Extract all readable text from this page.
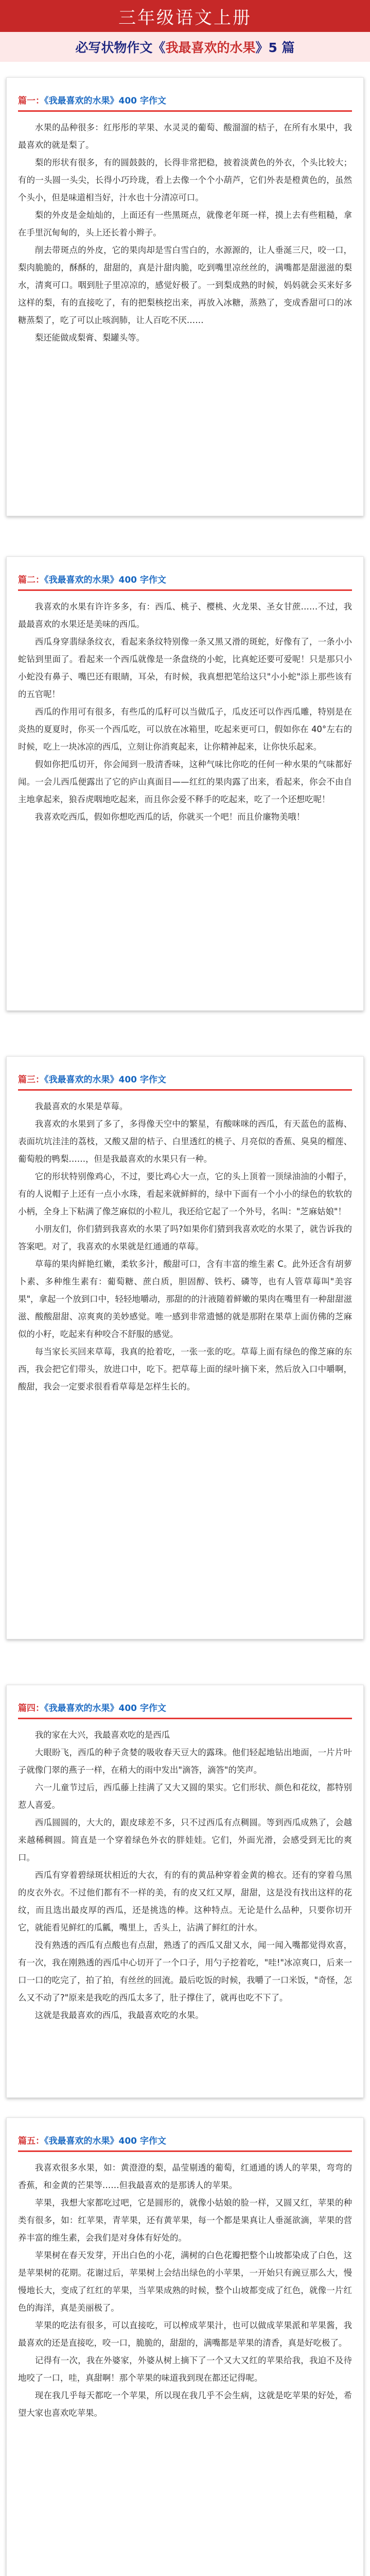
三年级语文上册
必写状物作文《 我最喜欢的水果 》5 篇
篇一：《我最喜欢的水果》400 字作文

水果的品种很多：红彤彤的苹果、水灵灵的葡萄、酸溜溜的桔子，在所有水果中，我最喜欢的就是梨了。

梨的形状有很多，有的圆鼓鼓的，长得非常把稳，披着淡黄色的外衣，个头比较大；有的一头圆一头尖，长得小巧玲珑，看上去像一个个小葫芦，它们外表是橙黄色的，虽然个头小，但是味道相当好，汁水也十分清凉可口。

梨的外皮是金灿灿的，上面还有一些黑斑点，就像老年斑一样，摸上去有些粗糙，拿在手里沉甸甸的，头上还长着小辫子。

削去带斑点的外皮，它的果肉却是雪白雪白的，水源源的，让人垂涎三尺，咬一口，梨肉脆脆的，酥酥的，甜甜的，真是汁甜肉脆，吃到嘴里凉丝丝的，满嘴都是甜滋滋的梨水，清爽可口。咽到肚子里凉凉的，感觉好极了。一到梨成熟的时候，妈妈就会买来好多这样的梨，有的直接吃了，有的把梨核挖出来，再放入冰糖，蒸熟了，变成香甜可口的冰糖蒸梨了，吃了可以止咳润肺，让人百吃不厌……

梨还能做成梨膏、梨罐头等。

篇二：《我最喜欢的水果》400 字作文

我喜欢的水果有许许多多，有：西瓜、桃子、樱桃、火龙果、圣女甘蔗……不过，我最最喜欢的水果还是美味的西瓜。

西瓜身穿翡绿条纹衣，看起来条纹特别像一条又黑又滑的斑蛇，好像有了，一条小小蛇钻到里面了。看起来一个西瓜就像是一条盘绕的小蛇，比真蛇还要可爱呢！只是那只小小蛇没有鼻子、嘴巴还有眼睛，耳朵，有时候，我真想把笔给这只"小小蛇"添上那些该有的五官呢！

西瓜的作用可有很多，有些瓜的瓜籽可以当做瓜子，瓜皮还可以作西瓜雕，特别是在炎热的夏夏时，你买一个西瓜吃，可以放在冰箱里，吃起来更可口，假如你在 40°左右的时候，吃上一块冰凉的西瓜，立刻让你消爽起来，让你精神起来，让你快乐起来。

假如你把瓜切开，你会闻到一股清香味，这种气味比你吃的任何一种水果的气味都好闻。一会儿西瓜便露出了它的庐山真面目——红红的果肉露了出来，看起来，你会不由自主地拿起来，狼吞虎咽地吃起来，而且你会爱不释手的吃起来，吃了一个还想吃呢！

我喜欢吃西瓜，假如你想吃西瓜的话，你就买一个吧！而且价廉物美哦！

篇三：《我最喜欢的水果》400 字作文

我最喜欢的水果是草莓。

我喜欢的水果到了多了，多得像天空中的繁星，有酸咪咪的西瓜，有天蓝色的蓝梅、表面坑坑洼洼的荔枝，又酸又甜的桔子、白里透红的桃子、月亮似的香蕉、臭臭的榴莲、葡萄般的鸭梨……，但是我最喜欢的水果只有一种。

它的形状特别像鸡心，不过，要比鸡心大一点，它的头上顶着一顶绿油油的小帽子，有的人说帽子上还有一点小水珠，看起来就鲜鲜的，绿中下面有一个小小的绿色的软软的小柄，全身上下粘满了像芝麻似的小粒儿，我还给它起了一个外号，名叫："芝麻姑娘"！

小朋友们，你们猜到我喜欢的水果了吗?如果你们猜到我喜欢吃的水果了，就告诉我的答案吧。对了，我喜欢的水果就是红通通的草莓。

草莓的果肉鲜艳红嫩，柔软多汁，酸甜可口，含有丰富的维生素 C。此外还含有胡萝卜素、多种维生素有：葡萄糖、蔗白质，胆固醇、铁朽、磷等，也有人管草莓叫"美容果"，拿起一个放到口中，轻轻地嚼动，那甜的的汁液随着鲜嫩的果肉在嘴里有一种甜甜滋滋、酸酸甜甜、凉爽爽的美妙感觉。唯一感到非常遗憾的就是那附在果草上面仿佛的芝麻似的小籽，吃起来有种咬合不舒服的感觉。

每当家长买回来草莓，我真的抢着吃，一张一张的吃。草莓上面有绿色的像芝麻的东西，我会把它们带头，放进口中，吃下。把草莓上面的绿叶摘下来，然后放入口中嚼啊，酸甜，我会一定要求很看看草莓是怎样生长的。

篇四：《我最喜欢的水果》400 字作文

我的家在大兴，我最喜欢吃的是西瓜

大眼盼飞，西瓜的种子贪婪的吸收春天豆大的露珠。他们轻起地钻出地面，一片片叶子就像门翠的燕子一样，在稍大的雨中发出"滴答，滴答"的笑声。

六一儿童节过后，西瓜藤上挂满了又大又圆的果实。它们形状、颜色和花纹，都特别惹人喜爱。

西瓜圆圆的，大大的，跟皮球差不多，只不过西瓜有点稠圆。等到西瓜成熟了，会越来越稀稠圆。简直是一个穿着绿色外衣的胖娃娃。它们，外面光滑，会感受到无比的爽口。

西瓜有穿着碧绿斑状相近的大衣，有的有的黄品种穿着金黄的棉衣。还有的穿着乌黑的皮衣外衣。不过他们都有不一样的美，有的皮又红又厚，甜甜，这是没有找出这样的花纹，而且选出最皮厚的西瓜，还是挑选的棒。这种特点。无论是什么品种，只要你切开它，就能看见鲜红的瓜瓤，嘴里上，舌头上，沾满了鲜红的汁水。

没有熟透的西瓜有点酸也有点甜，熟透了的西瓜又甜又水，闻一闻入嘴都觉得欢喜，有一次，我在刚熟透的西瓜中心切开了一个口子，用勺子挖着吃，"哇!"冰凉爽口，后来一口一口的吃完了，拍了拍，有丝丝的回流。最后吃饭的时候，我嚼了一口米饭，"奇怪，怎么又不动了?"原来是我吃的西瓜太多了，肚子撑住了，就再也吃不下了。

这就是我最喜欢的西瓜，我最喜欢吃的水果。

篇五：《我最喜欢的水果》400 字作文

我喜欢很多水果，如：黄澄澄的梨，晶莹剔透的葡萄，红通通的诱人的苹果，弯弯的香蕉，和金黄的芒果等……但我最喜欢的是那诱人的苹果。

苹果，我想大家都吃过吧，它是圆形的，就像小姑娘的脸一样，又圆又红，苹果的种类有很多，如：红苹果，青苹果，还有黄苹果，每一个都是果真让人垂涎欲滴，苹果的营养丰富的维生素，会我们是对身体有好处的。

苹果树在春天发芽，开出白色的小花，满树的白色花瓣把整个山坡都染成了白色，这是苹果树的花期。花谢过后，苹果树上会结出绿色的小苹果，一开始只有豌豆那么大，慢慢地长大，变成了红红的苹果，当苹果成熟的时候，整个山坡都变成了红色，就像一片红色的海洋，真是美丽极了。

苹果的吃法有很多，可以直接吃，可以榨成苹果汁，也可以做成苹果派和苹果酱，我最喜欢的还是直接吃，咬一口，脆脆的，甜甜的，满嘴都是苹果的清香，真是好吃极了。

记得有一次，我在外婆家，外婆从树上摘下了一个又大又红的苹果给我，我迫不及待地咬了一口，哇，真甜啊！那个苹果的味道我到现在都还记得呢。

现在我几乎每天都吃一个苹果，所以现在我几乎不会生病，这就是吃苹果的好处，希望大家也喜欢吃苹果。
